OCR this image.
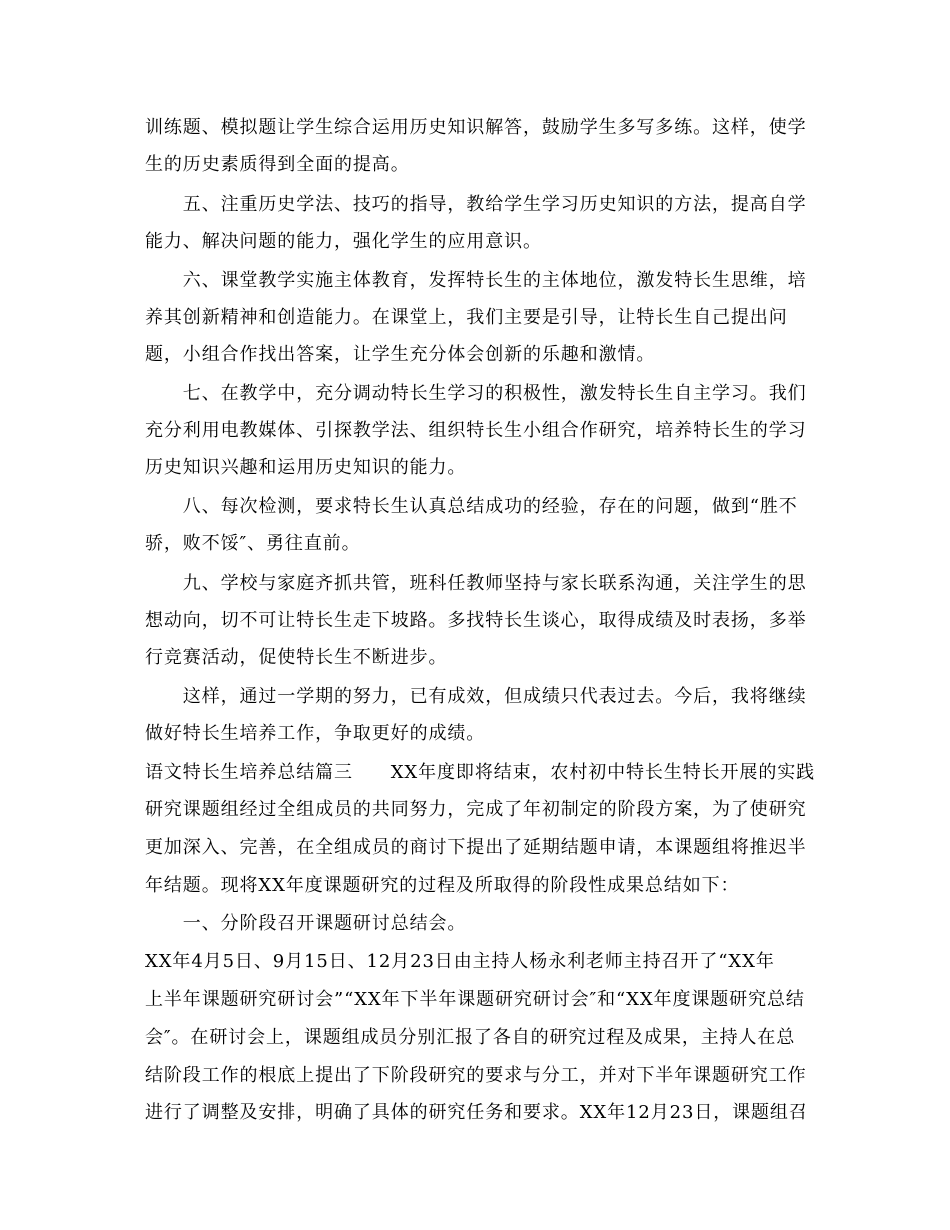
训练题、模拟题让学生综合运用历史知识解答，鼓励学生多写多练。这样，使学
生的历史素质得到全面的提高。
　　五、注重历史学法、技巧的指导，教给学生学习历史知识的方法，提高自学
能力、解决问题的能力，强化学生的应用意识。
　　六、课堂教学实施主体教育，发挥特长生的主体地位，激发特长生思维，培
养其创新精神和创造能力。在课堂上，我们主要是引导，让特长生自己提出问
题，小组合作找出答案，让学生充分体会创新的乐趣和激情。
　　七、在教学中，充分调动特长生学习的积极性，激发特长生自主学习。我们
充分利用电教媒体、引探教学法、组织特长生小组合作研究，培养特长生的学习
历史知识兴趣和运用历史知识的能力。
　　八、每次检测，要求特长生认真总结成功的经验，存在的问题，做到“胜不
骄，败不馁″、勇往直前。
　　九、学校与家庭齐抓共管，班科任教师坚持与家长联系沟通，关注学生的思
想动向，切不可让特长生走下坡路。多找特长生谈心，取得成绩及时表扬，多举
行竞赛活动，促使特长生不断进步。
　　这样，通过一学期的努力，已有成效，但成绩只代表过去。今后，我将继续
做好特长生培养工作，争取更好的成绩。
语文特长生培养总结篇三　　XX年度即将结束，农村初中特长生特长开展的实践
研究课题组经过全组成员的共同努力，完成了年初制定的阶段方案，为了使研究
更加深入、完善，在全组成员的商讨下提出了延期结题申请，本课题组将推迟半
年结题。现将XX年度课题研究的过程及所取得的阶段性成果总结如下：
　　一、分阶段召开课题研讨总结会。
XX年4月5日、9月15日、12月23日由主持人杨永利老师主持召开了“XX年
上半年课题研究研讨会”“XX年下半年课题研究研讨会″和“XX年度课题研究总结
会″。在研讨会上，课题组成员分别汇报了各自的研究过程及成果，主持人在总
结阶段工作的根底上提出了下阶段研究的要求与分工，并对下半年课题研究工作
进行了调整及安排，明确了具体的研究任务和要求。XX年12月23日，课题组召
